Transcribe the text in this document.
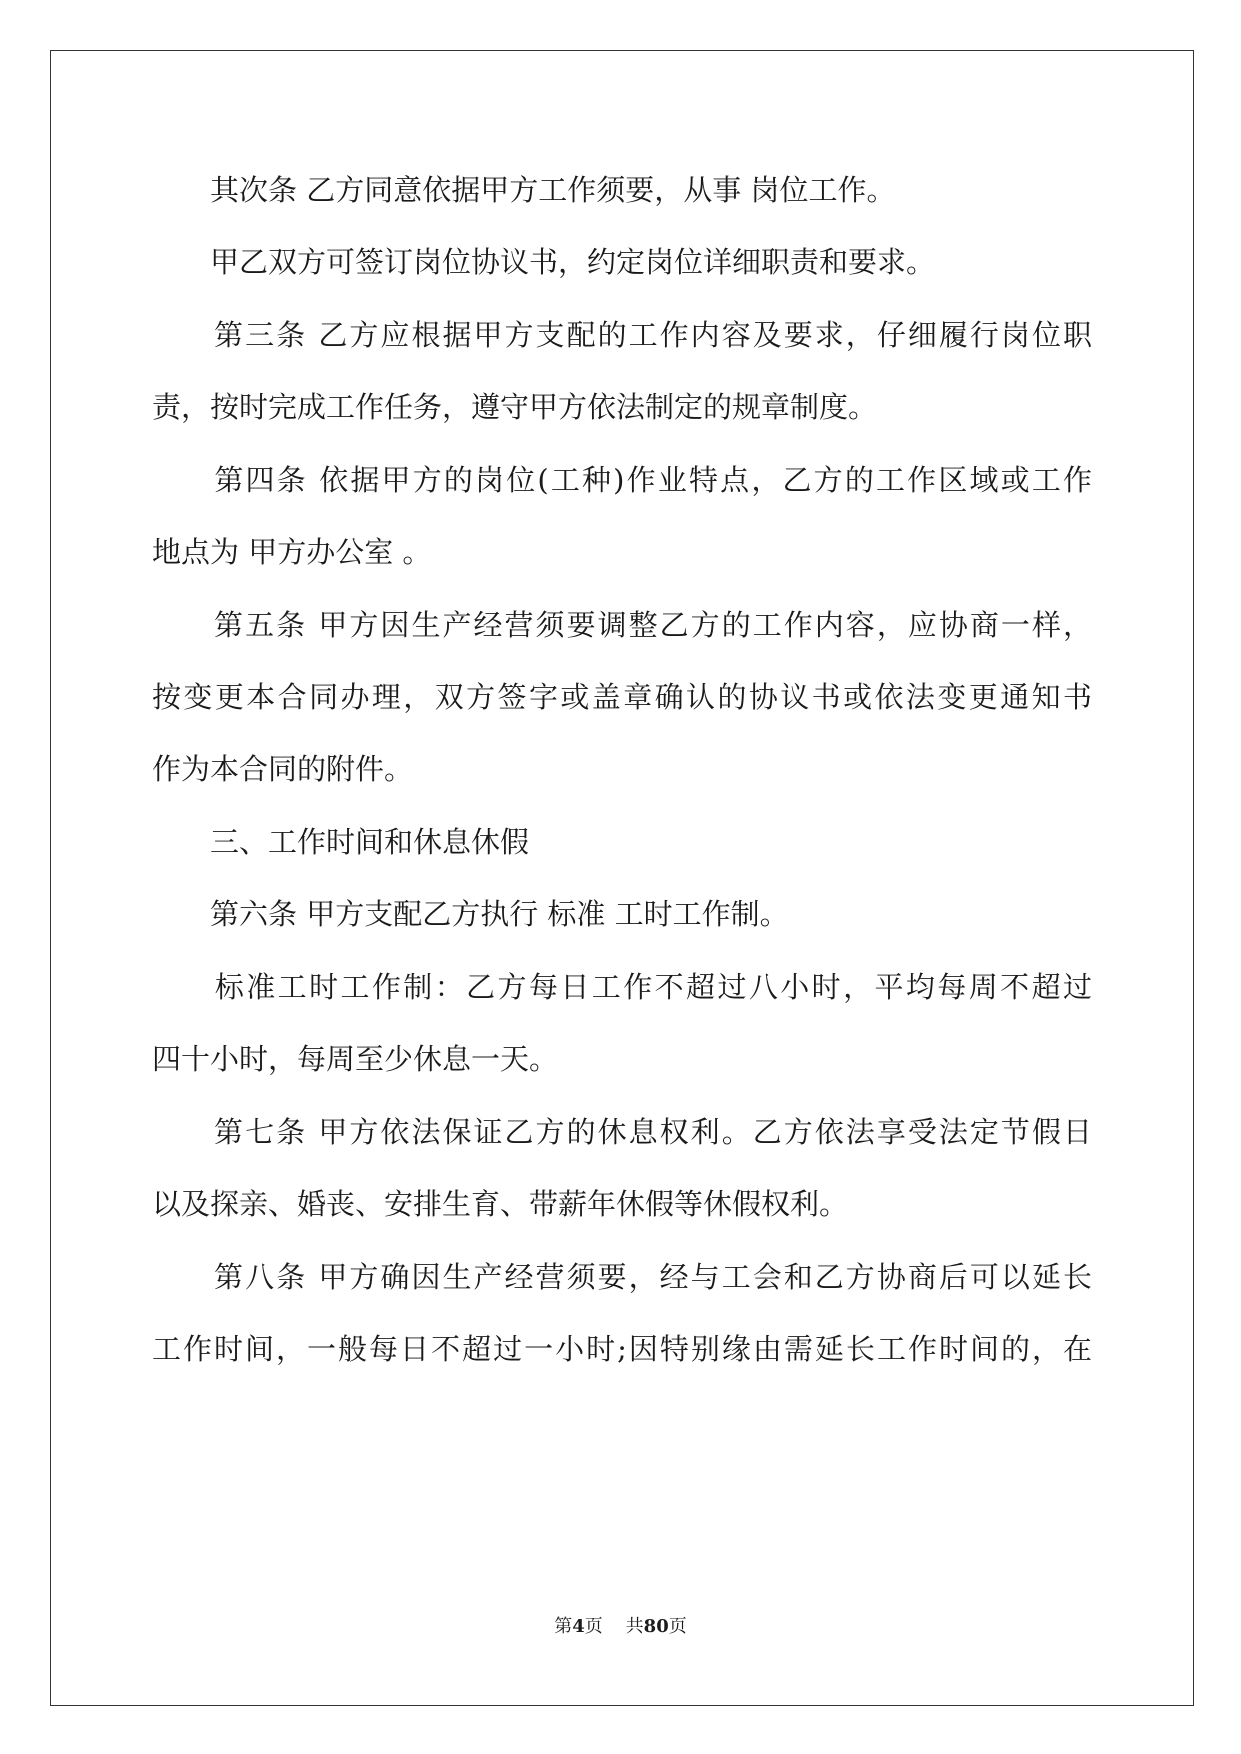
　　其次条 乙方同意依据甲方工作须要，从事 岗位工作。
　　甲乙双方可签订岗位协议书，约定岗位详细职责和要求。
　　第三条 乙方应根据甲方支配的工作内容及要求，仔细履行岗位职
责，按时完成工作任务，遵守甲方依法制定的规章制度。
　　第四条 依据甲方的岗位(工种)作业特点，乙方的工作区域或工作
地点为 甲方办公室 。
　　第五条 甲方因生产经营须要调整乙方的工作内容，应协商一样，
按变更本合同办理，双方签字或盖章确认的协议书或依法变更通知书
作为本合同的附件。
　　三、工作时间和休息休假
　　第六条 甲方支配乙方执行 标准 工时工作制。
　　标准工时工作制：乙方每日工作不超过八小时，平均每周不超过
四十小时，每周至少休息一天。
　　第七条 甲方依法保证乙方的休息权利。乙方依法享受法定节假日
以及探亲、婚丧、安排生育、带薪年休假等休假权利。
　　第八条 甲方确因生产经营须要，经与工会和乙方协商后可以延长
工作时间，一般每日不超过一小时;因特别缘由需延长工作时间的，在
第4页 共80页
